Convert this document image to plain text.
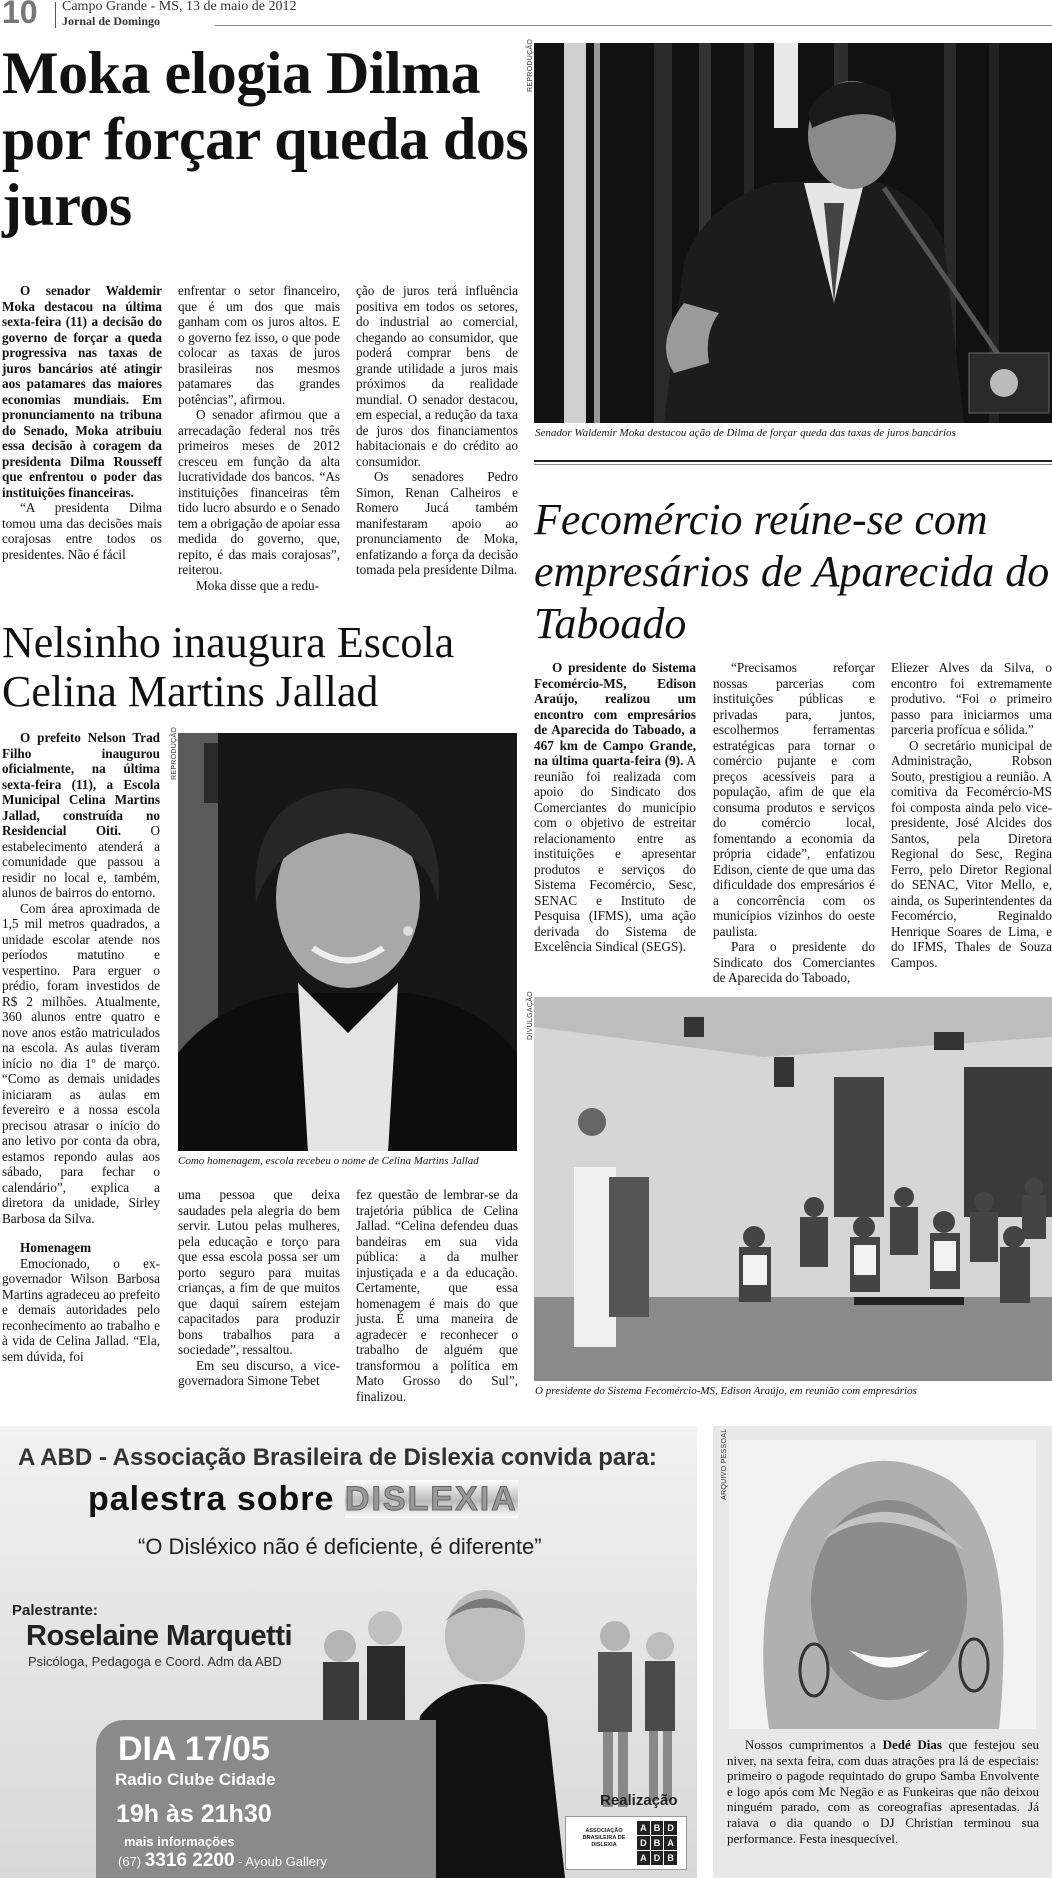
10 Campo Grande - MS, 13 de maio de 2012
Jornal de Domingo
Moka elogia Dilma por forçar queda dos juros

O senador Waldemir Moka destacou na última sexta-feira (11) a decisão do governo de forçar a queda progressiva nas taxas de juros bancários até atingir aos patamares das maiores economias mundiais. Em pronunciamento na tribuna do Senado, Moka atribuiu essa decisão à coragem da presidenta Dilma Rousseff que enfrentou o poder das instituições financeiras.

“A presidenta Dilma tomou uma das decisões mais corajosas entre todos os presidentes. Não é fácil

enfrentar o setor financeiro, que é um dos que mais ganham com os juros altos. E o governo fez isso, o que pode colocar as taxas de juros brasileiras nos mesmos patamares das grandes potências”, afirmou.

O senador afirmou que a arrecadação federal nos três primeiros meses de 2012 cresceu em função da alta lucratividade dos bancos. “As instituições financeiras têm tido lucro absurdo e o Senado tem a obrigação de apoiar essa medida do governo, que, repito, é das mais corajosas”, reiterou.

Moka disse que a redu-

ção de juros terá influência positiva em todos os setores, do industrial ao comercial, chegando ao consumidor, que poderá comprar bens de grande utilidade a juros mais próximos da realidade mundial. O senador destacou, em especial, a redução da taxa de juros dos financiamentos habitacionais e do crédito ao consumidor.

Os senadores Pedro Simon, Renan Calheiros e Romero Jucá também manifestaram apoio ao pronunciamento de Moka, enfatizando a força da decisão tomada pela presidente Dilma.

REPRODUÇÃO
Senador Waldemir Moka destacou ação de Dilma de forçar queda das taxas de juros bancários
Nelsinho inaugura Escola Celina Martins Jallad

O prefeito Nelson Trad Filho inaugurou oficialmente, na última sexta-feira (11), a Escola Municipal Celina Martins Jallad, construída no Residencial Oiti. O estabelecimento atenderá a comunidade que passou a residir no local e, também, alunos de bairros do entorno.

Com área aproximada de 1,5 mil metros quadrados, a unidade escolar atende nos períodos matutino e vespertino. Para erguer o prédio, foram investidos de R$ 2 milhões. Atualmente, 360 alunos entre quatro e nove anos estão matriculados na escola. As aulas tiveram início no dia 1º de março. “Como as demais unidades iniciaram as aulas em fevereiro e a nossa escola precisou atrasar o início do ano letivo por conta da obra, estamos repondo aulas aos sábado, para fechar o calendário”, explica a diretora da unidade, Sirley Barbosa da Silva.

Homenagem

Emocionado, o ex-governador Wilson Barbosa Martins agradeceu ao prefeito e demais autoridades pelo reconhecimento ao trabalho e à vida de Celina Jallad. “Ela, sem dúvida, foi

REPRODUÇÃO
Como homenagem, escola recebeu o nome de Celina Martins Jallad

uma pessoa que deixa saudades pela alegria do bem servir. Lutou pelas mulheres, pela educação e torço para que essa escola possa ser um porto seguro para muitas crianças, a fim de que muitos que daqui saírem estejam capacitados para produzir bons trabalhos para a sociedade”, ressaltou.

Em seu discurso, a vice-governadora Simone Tebet

fez questão de lembrar-se da trajetória pública de Celina Jallad. “Celina defendeu duas bandeiras em sua vida pública: a da mulher injustiçada e a da educação. Certamente, que essa homenagem é mais do que justa. É uma maneira de agradecer e reconhecer o trabalho de alguém que transformou a política em Mato Grosso do Sul”, finalizou.

Fecomércio reúne-se com empresários de Aparecida do Taboado

O presidente do Sistema Fecomércio-MS, Edison Araújo, realizou um encontro com empresários de Aparecida do Taboado, a 467 km de Campo Grande, na última quarta-feira (9). A reunião foi realizada com apoio do Sindicato dos Comerciantes do município com o objetivo de estreitar relacionamento entre as instituições e apresentar produtos e serviços do Sistema Fecomércio, Sesc, SENAC e Instituto de Pesquisa (IFMS), uma ação derivada do Sistema de Excelência Sindical (SEGS).

“Precisamos reforçar nossas parcerias com instituições públicas e privadas para, juntos, escolhermos ferramentas estratégicas para tornar o comércio pujante e com preços acessíveis para a população, afim de que ela consuma produtos e serviços do comércio local, fomentando a economia da própria cidade”, enfatizou Edison, ciente de que uma das dificuldade dos empresários é a concorrência com os municípios vizinhos do oeste paulista.

Para o presidente do Sindicato dos Comerciantes de Aparecida do Taboado,

Eliezer Alves da Silva, o encontro foi extremamente produtivo. “Foi o primeiro passo para iniciarmos uma parceria profícua e sólida.”

O secretário municipal de Administração, Robson Souto, prestigiou a reunião. A comitiva da Fecomércio-MS foi composta ainda pelo vice-presidente, José Alcides dos Santos, pela Diretora Regional do Sesc, Regina Ferro, pelo Diretor Regional do SENAC, Vitor Mello, e, ainda, os Superintendentes da Fecomércio, Reginaldo Henrique Soares de Lima, e do IFMS, Thales de Souza Campos.

DIVULGAÇÃO
O presidente do Sistema Fecomércio-MS, Edison Araújo, em reunião com empresários
A ABD - Associação Brasileira de Dislexia convida para:
palestra sobre DISLEXIA
“O Disléxico não é deficiente, é diferente”
Palestrante:
Roselaine Marquetti
Psicóloga, Pedagoga e Coord. Adm da ABD
DIA 17/05
Radio Clube Cidade
19h às 21h30
mais informações
(67) 3316 2200 - Ayoub Gallery
Realização
ASSOCIAÇÃO BRASILEIRA DE DISLEXIA
A B D
D B A
A D B
ARQUIVO PESSOAL

Nossos cumprimentos a Dedé Dias que festejou seu niver, na sexta feira, com duas atrações pra lá de especiais: primeiro o pagode requintado do grupo Samba Envolvente e logo após com Mc Negão e as Funkeiras que não deixou ninguém parado, com as coreografias apresentadas. Já raiava o dia quando o DJ Christian terminou sua performance. Festa inesquecível.
